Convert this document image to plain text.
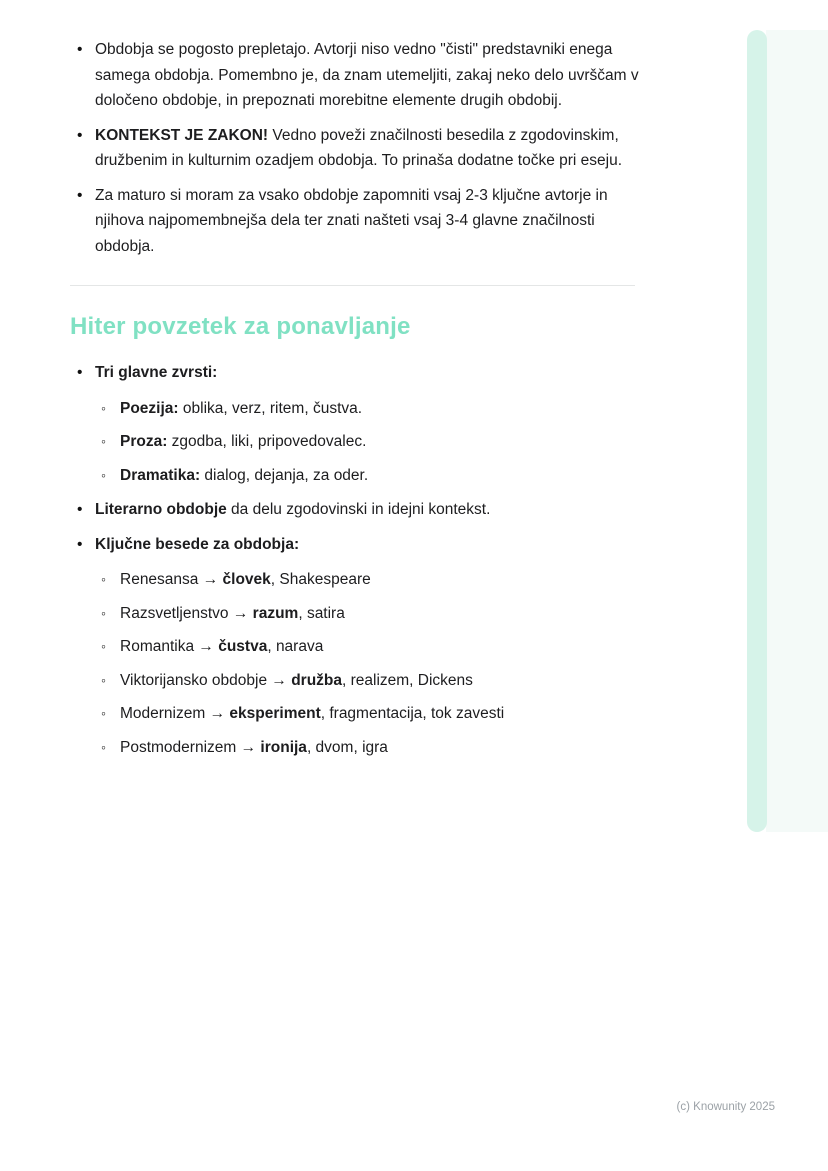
• Obdobja se pogosto prepletajo. Avtorji niso vedno "čisti" predstavniki enega samega obdobja. Pomembno je, da znam utemeljiti, zakaj neko delo uvrščam v določeno obdobje, in prepoznati morebitne elemente drugih obdobij.
• KONTEKST JE ZAKON! Vedno poveži značilnosti besedila z zgodovinskim, družbenim in kulturnim ozadjem obdobja. To prinaša dodatne točke pri eseju.
• Za maturo si moram za vsako obdobje zapomniti vsaj 2-3 ključne avtorje in njihova najpomembnejša dela ter znati našteti vsaj 3-4 glavne značilnosti obdobja.
Hiter povzetek za ponavljanje
• Tri glavne zvrsti:
◦ Poezija: oblika, verz, ritem, čustva.
◦ Proza: zgodba, liki, pripovedovalec.
◦ Dramatika: dialog, dejanja, za oder.
• Literarno obdobje da delu zgodovinski in idejni kontekst.
• Ključne besede za obdobja:
◦ Renesansa → človek, Shakespeare
◦ Razsvetljenstvo → razum, satira
◦ Romantika → čustva, narava
◦ Viktorijansko obdobje → družba, realizem, Dickens
◦ Modernizem → eksperiment, fragmentacija, tok zavesti
◦ Postmodernizem → ironija, dvom, igra
(c) Knowunity 2025
